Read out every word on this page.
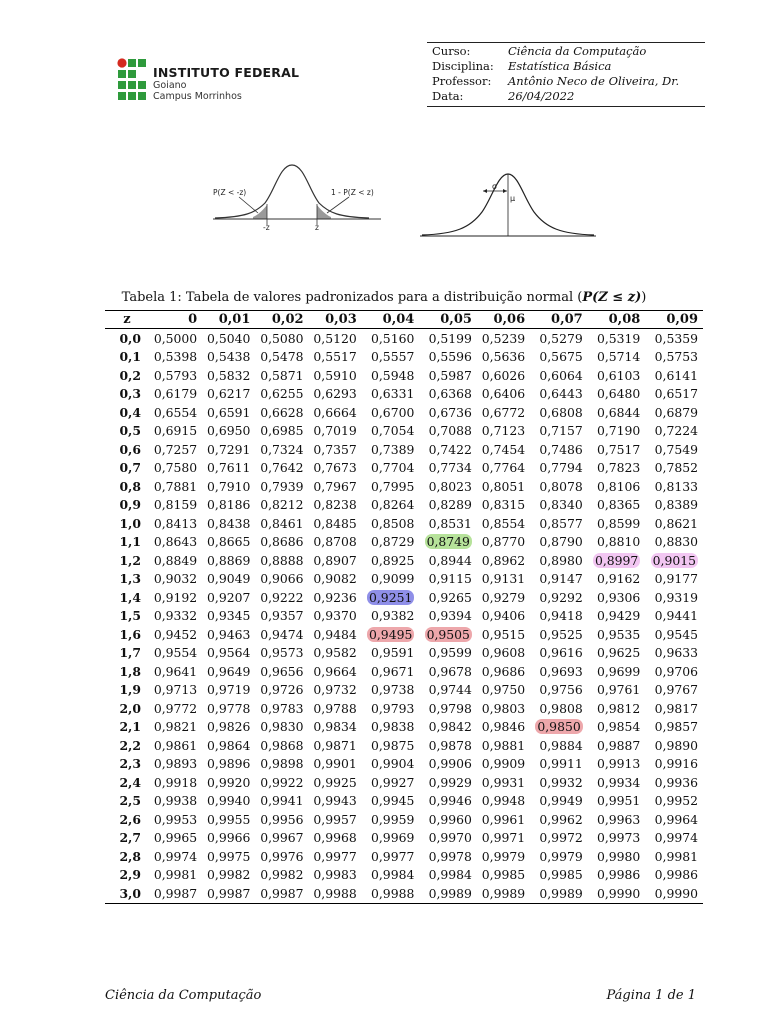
INSTITUTO FEDERAL
Goiano
Campus Morrinhos
Curso:	Ciência da Computação
Disciplina:	Estatística Básica
Professor:	Antônio Neco de Oliveira, Dr.
Data:	26/04/2022
P(Z < -z)	1 - P(Z < z)
-z	z
σ
μ
Tabela 1: Tabela de valores padronizados para a distribuição normal (P(Z ≤ z))
z	0	0,01	0,02	0,03	0,04	0,05	0,06	0,07	0,08	0,09
0,0	0,5000	0,5040	0,5080	0,5120	0,5160	0,5199	0,5239	0,5279	0,5319	0,5359
0,1	0,5398	0,5438	0,5478	0,5517	0,5557	0,5596	0,5636	0,5675	0,5714	0,5753
0,2	0,5793	0,5832	0,5871	0,5910	0,5948	0,5987	0,6026	0,6064	0,6103	0,6141
0,3	0,6179	0,6217	0,6255	0,6293	0,6331	0,6368	0,6406	0,6443	0,6480	0,6517
0,4	0,6554	0,6591	0,6628	0,6664	0,6700	0,6736	0,6772	0,6808	0,6844	0,6879
0,5	0,6915	0,6950	0,6985	0,7019	0,7054	0,7088	0,7123	0,7157	0,7190	0,7224
0,6	0,7257	0,7291	0,7324	0,7357	0,7389	0,7422	0,7454	0,7486	0,7517	0,7549
0,7	0,7580	0,7611	0,7642	0,7673	0,7704	0,7734	0,7764	0,7794	0,7823	0,7852
0,8	0,7881	0,7910	0,7939	0,7967	0,7995	0,8023	0,8051	0,8078	0,8106	0,8133
0,9	0,8159	0,8186	0,8212	0,8238	0,8264	0,8289	0,8315	0,8340	0,8365	0,8389
1,0	0,8413	0,8438	0,8461	0,8485	0,8508	0,8531	0,8554	0,8577	0,8599	0,8621
1,1	0,8643	0,8665	0,8686	0,8708	0,8729	0,8749	0,8770	0,8790	0,8810	0,8830
1,2	0,8849	0,8869	0,8888	0,8907	0,8925	0,8944	0,8962	0,8980	0,8997	0,9015
1,3	0,9032	0,9049	0,9066	0,9082	0,9099	0,9115	0,9131	0,9147	0,9162	0,9177
1,4	0,9192	0,9207	0,9222	0,9236	0,9251	0,9265	0,9279	0,9292	0,9306	0,9319
1,5	0,9332	0,9345	0,9357	0,9370	0,9382	0,9394	0,9406	0,9418	0,9429	0,9441
1,6	0,9452	0,9463	0,9474	0,9484	0,9495	0,9505	0,9515	0,9525	0,9535	0,9545
1,7	0,9554	0,9564	0,9573	0,9582	0,9591	0,9599	0,9608	0,9616	0,9625	0,9633
1,8	0,9641	0,9649	0,9656	0,9664	0,9671	0,9678	0,9686	0,9693	0,9699	0,9706
1,9	0,9713	0,9719	0,9726	0,9732	0,9738	0,9744	0,9750	0,9756	0,9761	0,9767
2,0	0,9772	0,9778	0,9783	0,9788	0,9793	0,9798	0,9803	0,9808	0,9812	0,9817
2,1	0,9821	0,9826	0,9830	0,9834	0,9838	0,9842	0,9846	0,9850	0,9854	0,9857
2,2	0,9861	0,9864	0,9868	0,9871	0,9875	0,9878	0,9881	0,9884	0,9887	0,9890
2,3	0,9893	0,9896	0,9898	0,9901	0,9904	0,9906	0,9909	0,9911	0,9913	0,9916
2,4	0,9918	0,9920	0,9922	0,9925	0,9927	0,9929	0,9931	0,9932	0,9934	0,9936
2,5	0,9938	0,9940	0,9941	0,9943	0,9945	0,9946	0,9948	0,9949	0,9951	0,9952
2,6	0,9953	0,9955	0,9956	0,9957	0,9959	0,9960	0,9961	0,9962	0,9963	0,9964
2,7	0,9965	0,9966	0,9967	0,9968	0,9969	0,9970	0,9971	0,9972	0,9973	0,9974
2,8	0,9974	0,9975	0,9976	0,9977	0,9977	0,9978	0,9979	0,9979	0,9980	0,9981
2,9	0,9981	0,9982	0,9982	0,9983	0,9984	0,9984	0,9985	0,9985	0,9986	0,9986
3,0	0,9987	0,9987	0,9987	0,9988	0,9988	0,9989	0,9989	0,9989	0,9990	0,9990
Ciência da Computação	Página 1 de 1
